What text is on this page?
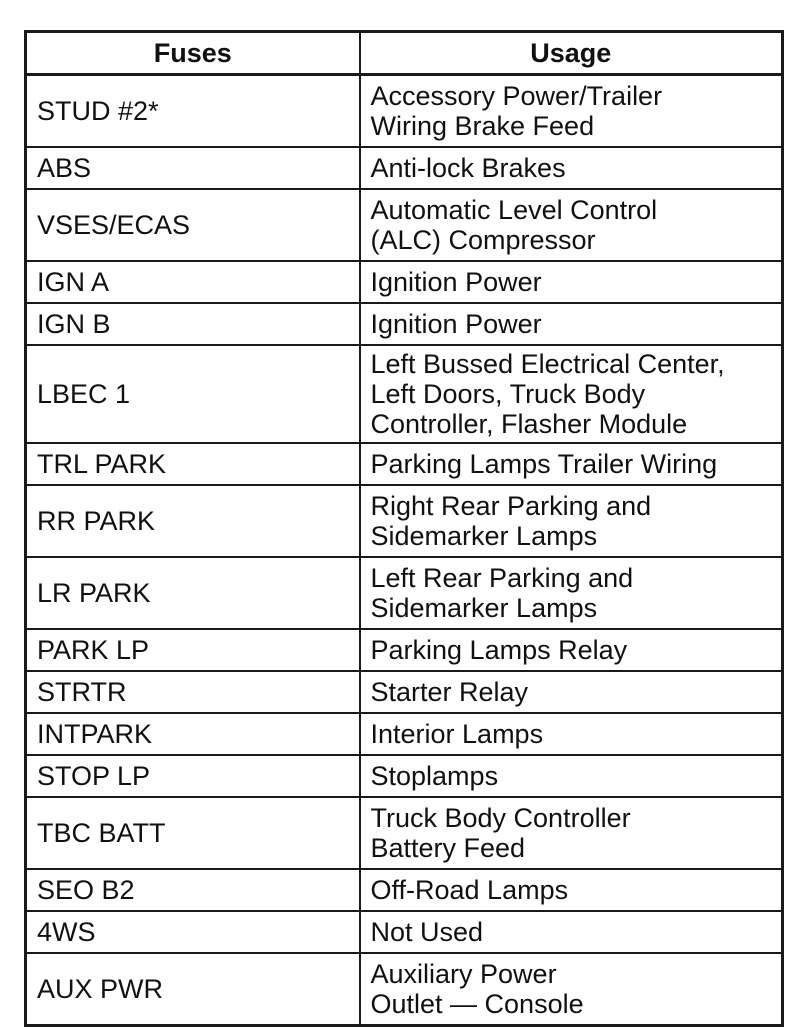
Fuses	Usage
STUD #2*	Accessory Power/Trailer
Wiring Brake Feed
ABS	Anti-lock Brakes
VSES/ECAS	Automatic Level Control
(ALC) Compressor
IGN A	Ignition Power
IGN B	Ignition Power
LBEC 1	Left Bussed Electrical Center,
Left Doors, Truck Body
Controller, Flasher Module
TRL PARK	Parking Lamps Trailer Wiring
RR PARK	Right Rear Parking and
Sidemarker Lamps
LR PARK	Left Rear Parking and
Sidemarker Lamps
PARK LP	Parking Lamps Relay
STRTR	Starter Relay
INTPARK	Interior Lamps
STOP LP	Stoplamps
TBC BATT	Truck Body Controller
Battery Feed
SEO B2	Off-Road Lamps
4WS	Not Used
AUX PWR	Auxiliary Power
Outlet — Console
